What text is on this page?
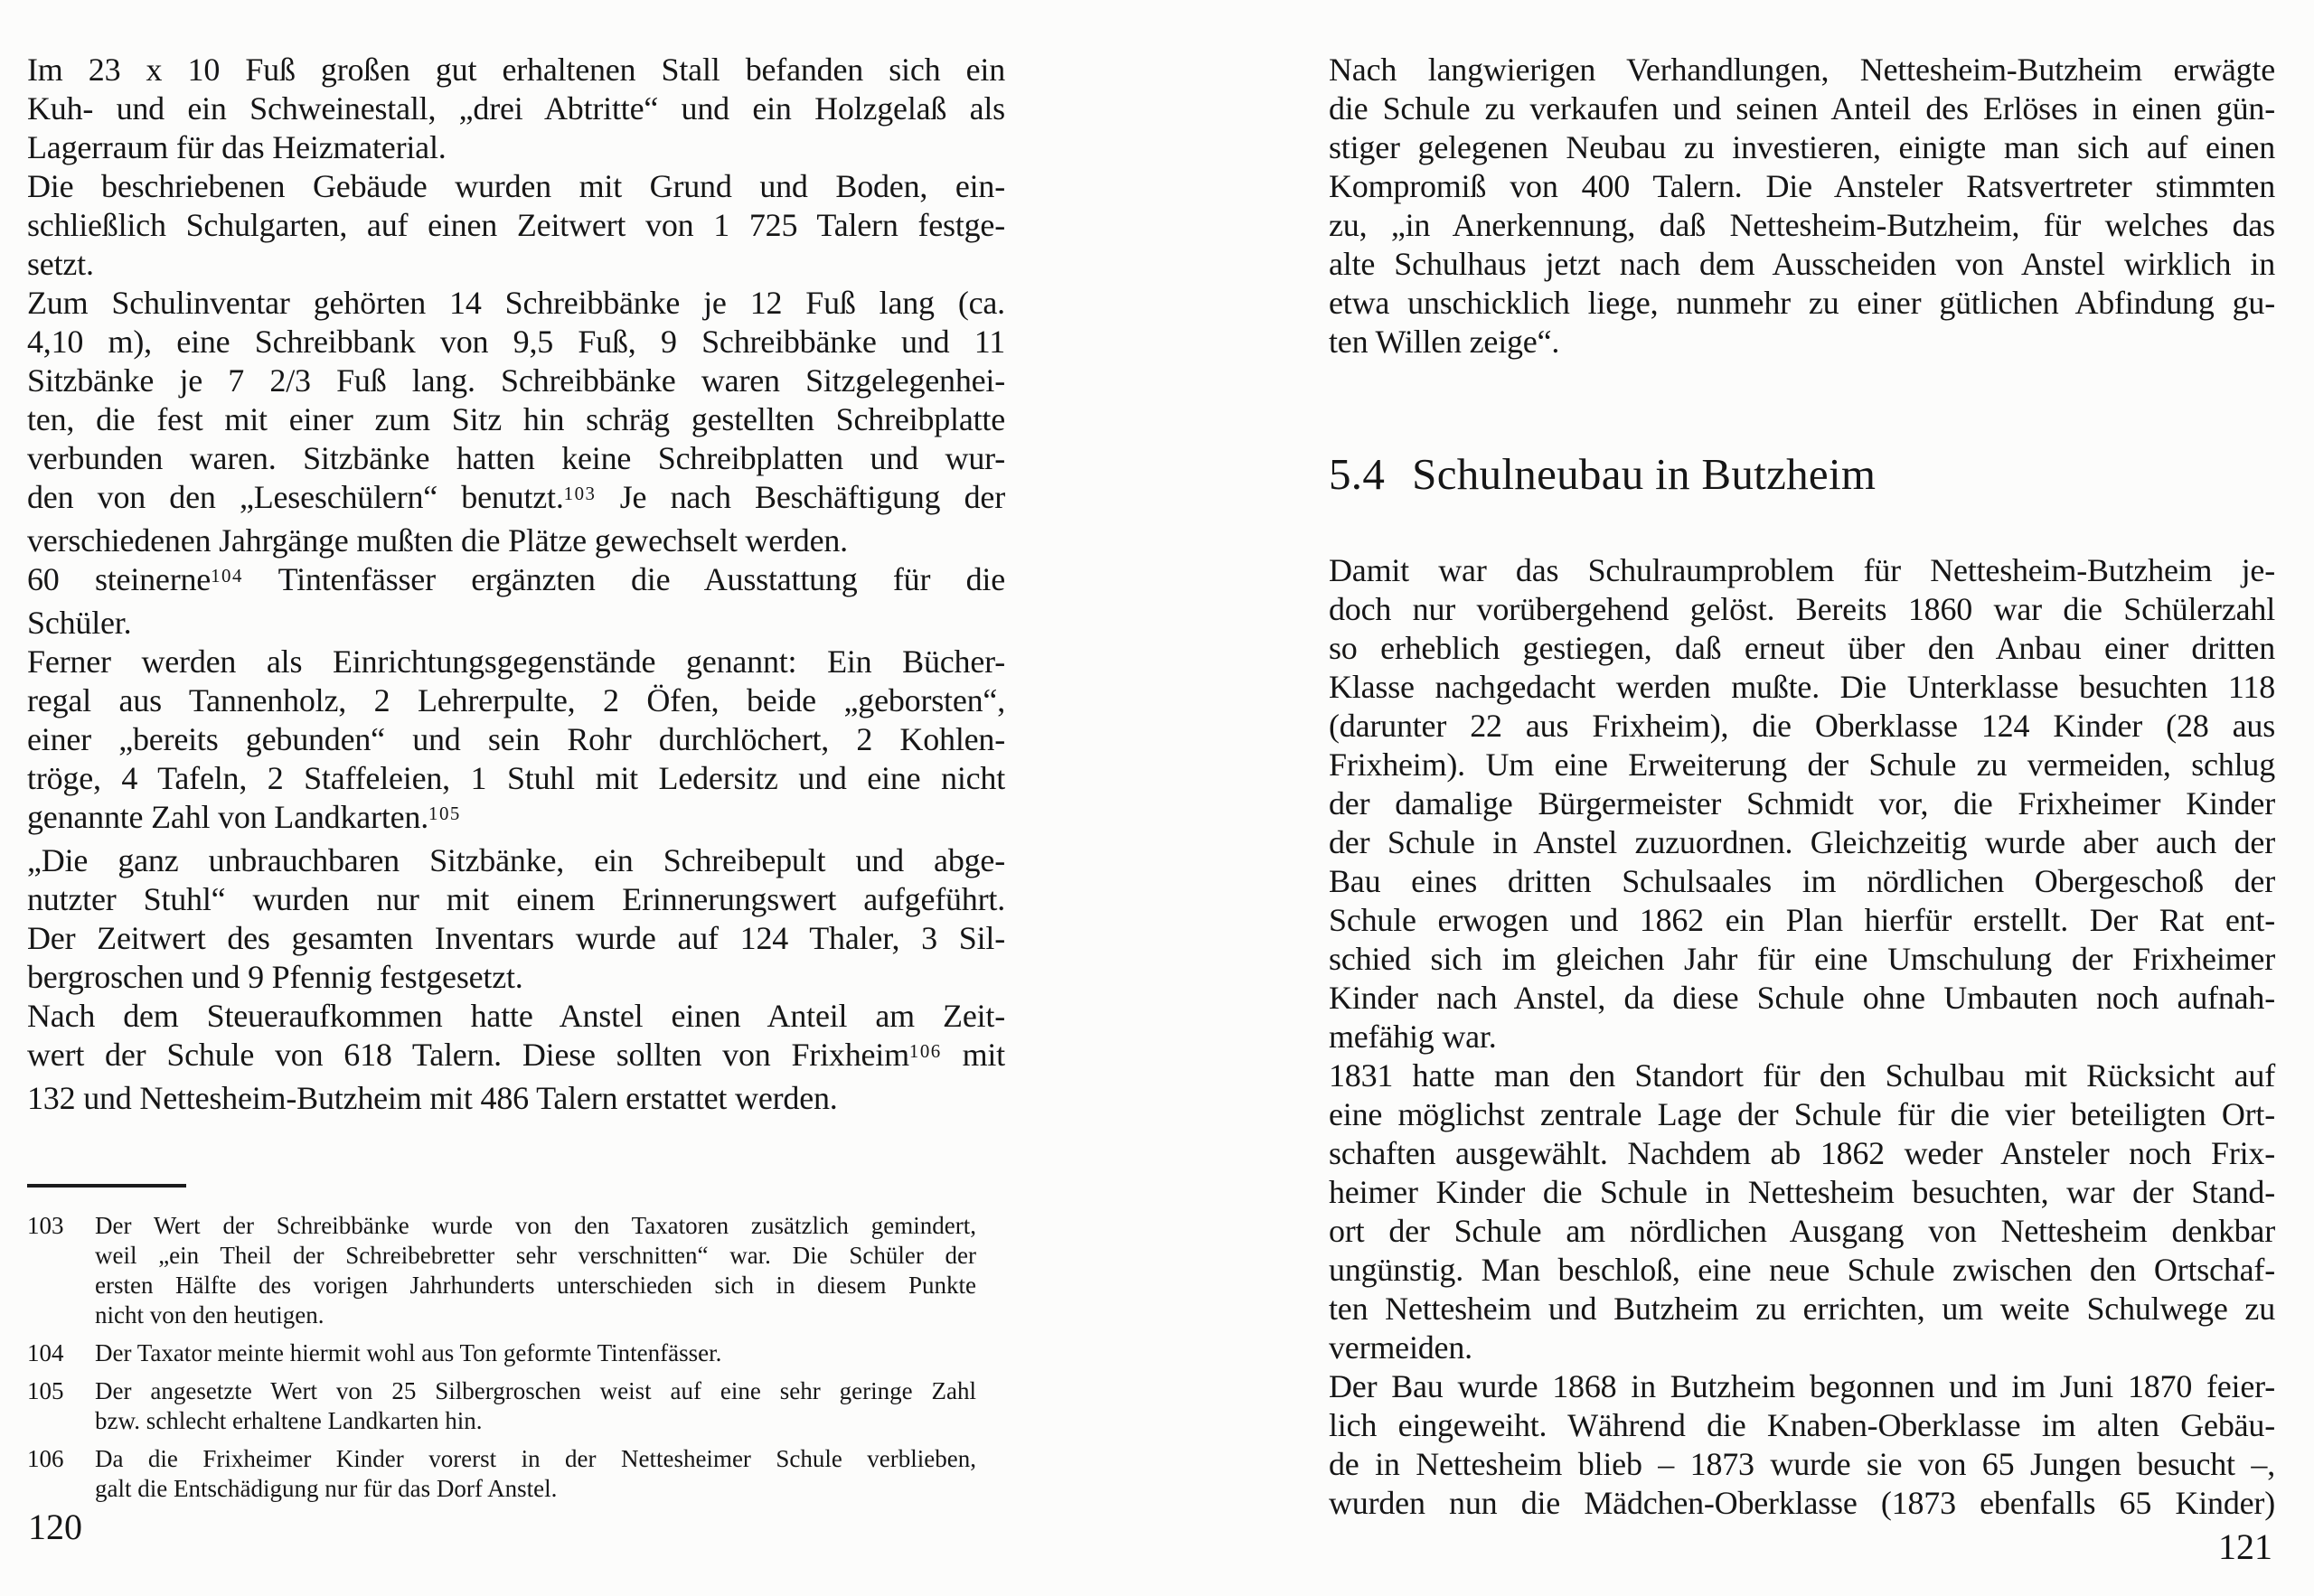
Im 23 x 10 Fuß großen gut erhaltenen Stall befanden sich ein
Kuh- und ein Schweinestall, „drei Abtritte“ und ein Holzgelaß als
Lagerraum für das Heizmaterial.
Die beschriebenen Gebäude wurden mit Grund und Boden, ein-
schließlich Schulgarten, auf einen Zeitwert von 1 725 Talern festge-
setzt.
Zum Schulinventar gehörten 14 Schreibbänke je 12 Fuß lang (ca.
4,10 m), eine Schreibbank von 9,5 Fuß, 9 Schreibbänke und 11
Sitzbänke je 7 2/3 Fuß lang. Schreibbänke waren Sitzgelegenhei-
ten, die fest mit einer zum Sitz hin schräg gestellten Schreibplatte
verbunden waren. Sitzbänke hatten keine Schreibplatten und wur-
den von den „Leseschülern“ benutzt.$^{103}$ Je nach Beschäftigung der
verschiedenen Jahrgänge mußten die Plätze gewechselt werden.
60 steinerne$^{104}$ Tintenfässer ergänzten die Ausstattung für die
Schüler.
Ferner werden als Einrichtungsgegenstände genannt: Ein Bücher-
regal aus Tannenholz, 2 Lehrerpulte, 2 Öfen, beide „geborsten“,
einer „bereits gebunden“ und sein Rohr durchlöchert, 2 Kohlen-
tröge, 4 Tafeln, 2 Staffeleien, 1 Stuhl mit Ledersitz und eine nicht
genannte Zahl von Landkarten.$^{105}$
„Die ganz unbrauchbaren Sitzbänke, ein Schreibepult und abge-
nutzter Stuhl“ wurden nur mit einem Erinnerungswert aufgeführt.
Der Zeitwert des gesamten Inventars wurde auf 124 Thaler, 3 Sil-
bergroschen und 9 Pfennig festgesetzt.
Nach dem Steueraufkommen hatte Anstel einen Anteil am Zeit-
wert der Schule von 618 Talern. Diese sollten von Frixheim$^{106}$ mit
132 und Nettesheim-Butzheim mit 486 Talern erstattet werden.
103	Der Wert der Schreibbänke wurde von den Taxatoren zusätzlich gemindert,
weil „ein Theil der Schreibebretter sehr verschnitten“ war. Die Schüler der
ersten Hälfte des vorigen Jahrhunderts unterschieden sich in diesem Punkte
nicht von den heutigen.
104	Der Taxator meinte hiermit wohl aus Ton geformte Tintenfässer.
105	Der angesetzte Wert von 25 Silbergroschen weist auf eine sehr geringe Zahl
bzw. schlecht erhaltene Landkarten hin.
106	Da die Frixheimer Kinder vorerst in der Nettesheimer Schule verblieben,
galt die Entschädigung nur für das Dorf Anstel.
120
Nach langwierigen Verhandlungen, Nettesheim-Butzheim erwägte
die Schule zu verkaufen und seinen Anteil des Erlöses in einen gün-
stiger gelegenen Neubau zu investieren, einigte man sich auf einen
Kompromiß von 400 Talern. Die Ansteler Ratsvertreter stimmten
zu, „in Anerkennung, daß Nettesheim-Butzheim, für welches das
alte Schulhaus jetzt nach dem Ausscheiden von Anstel wirklich in
etwa unschicklich liege, nunmehr zu einer gütlichen Abfindung gu-
ten Willen zeige“.
5.4 Schulneubau in Butzheim
Damit war das Schulraumproblem für Nettesheim-Butzheim je-
doch nur vorübergehend gelöst. Bereits 1860 war die Schülerzahl
so erheblich gestiegen, daß erneut über den Anbau einer dritten
Klasse nachgedacht werden mußte. Die Unterklasse besuchten 118
(darunter 22 aus Frixheim), die Oberklasse 124 Kinder (28 aus
Frixheim). Um eine Erweiterung der Schule zu vermeiden, schlug
der damalige Bürgermeister Schmidt vor, die Frixheimer Kinder
der Schule in Anstel zuzuordnen. Gleichzeitig wurde aber auch der
Bau eines dritten Schulsaales im nördlichen Obergeschoß der
Schule erwogen und 1862 ein Plan hierfür erstellt. Der Rat ent-
schied sich im gleichen Jahr für eine Umschulung der Frixheimer
Kinder nach Anstel, da diese Schule ohne Umbauten noch aufnah-
mefähig war.
1831 hatte man den Standort für den Schulbau mit Rücksicht auf
eine möglichst zentrale Lage der Schule für die vier beteiligten Ort-
schaften ausgewählt. Nachdem ab 1862 weder Ansteler noch Frix-
heimer Kinder die Schule in Nettesheim besuchten, war der Stand-
ort der Schule am nördlichen Ausgang von Nettesheim denkbar
ungünstig. Man beschloß, eine neue Schule zwischen den Ortschaf-
ten Nettesheim und Butzheim zu errichten, um weite Schulwege zu
vermeiden.
Der Bau wurde 1868 in Butzheim begonnen und im Juni 1870 feier-
lich eingeweiht. Während die Knaben-Oberklasse im alten Gebäu-
de in Nettesheim blieb – 1873 wurde sie von 65 Jungen besucht –,
wurden nun die Mädchen-Oberklasse (1873 ebenfalls 65 Kinder)
121
